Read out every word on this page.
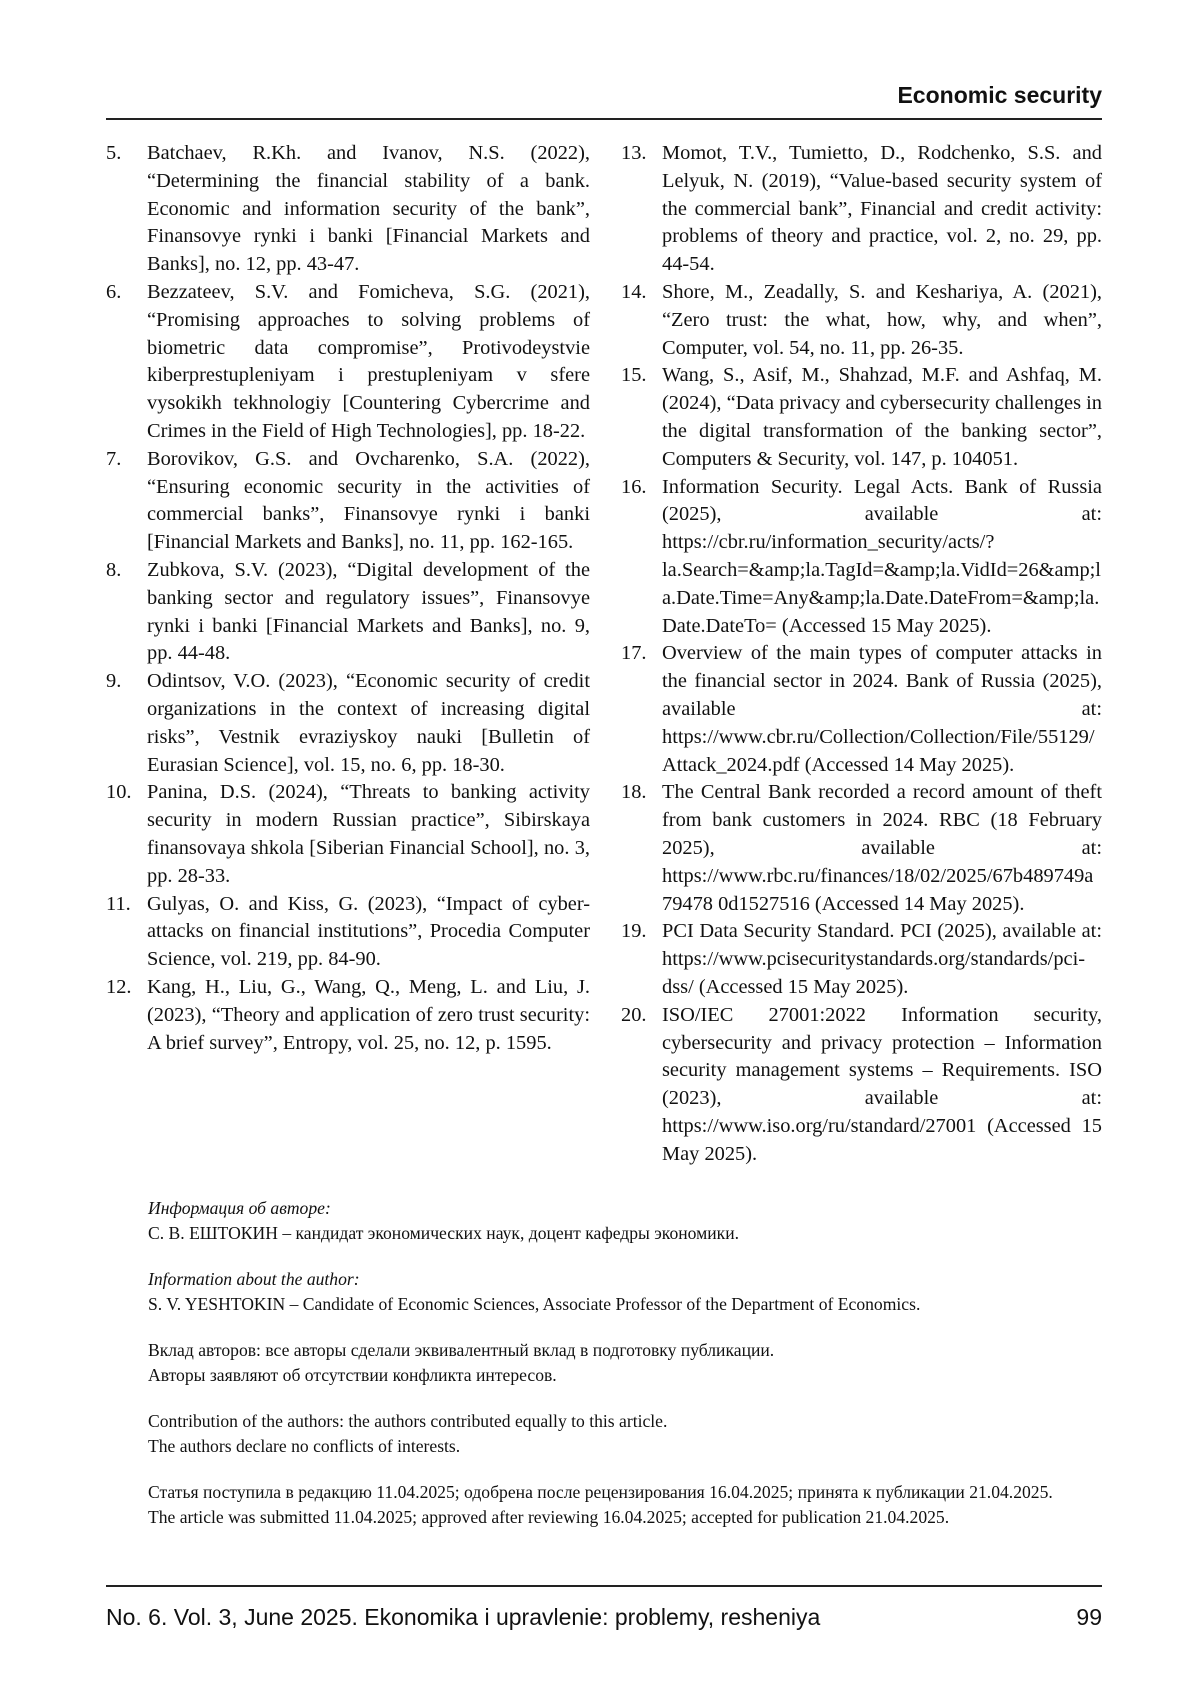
Economic security
5. Batchaev, R.Kh. and Ivanov, N.S. (2022), “Determining the financial stability of a bank. Economic and information security of the bank”, Finansovye rynki i banki [Financial Markets and Banks], no. 12, pp. 43-47.
6. Bezzateev, S.V. and Fomicheva, S.G. (2021), “Promising approaches to solving problems of biometric data compromise”, Protivodeystvie kiberprestupleniyam i prestupleniyam v sfere vysokikh tekhnologiy [Countering Cybercrime and Crimes in the Field of High Technologies], pp. 18-22.
7. Borovikov, G.S. and Ovcharenko, S.A. (2022), “Ensuring economic security in the activities of commercial banks”, Finansovye rynki i banki [Financial Markets and Banks], no. 11, pp. 162-165.
8. Zubkova, S.V. (2023), “Digital development of the banking sector and regulatory issues”, Finansovye rynki i banki [Financial Markets and Banks], no. 9, pp. 44-48.
9. Odintsov, V.O. (2023), “Economic security of credit organizations in the context of increasing digital risks”, Vestnik evraziyskoy nauki [Bulletin of Eurasian Science], vol. 15, no. 6, pp. 18-30.
10. Panina, D.S. (2024), “Threats to banking activity security in modern Russian practice”, Sibirskaya finansovaya shkola [Siberian Financial School], no. 3, pp. 28-33.
11. Gulyas, O. and Kiss, G. (2023), “Impact of cyber-attacks on financial institutions”, Procedia Computer Science, vol. 219, pp. 84-90.
12. Kang, H., Liu, G., Wang, Q., Meng, L. and Liu, J. (2023), “Theory and application of zero trust security: A brief survey”, Entropy, vol. 25, no. 12, p. 1595.
13. Momot, T.V., Tumietto, D., Rodchenko, S.S. and Lelyuk, N. (2019), “Value-based security system of the commercial bank”, Financial and credit activity: problems of theory and practice, vol. 2, no. 29, pp. 44-54.
14. Shore, M., Zeadally, S. and Keshariya, A. (2021), “Zero trust: the what, how, why, and when”, Computer, vol. 54, no. 11, pp. 26-35.
15. Wang, S., Asif, M., Shahzad, M.F. and Ashfaq, M. (2024), “Data privacy and cybersecurity challenges in the digital transformation of the banking sector”, Computers & Security, vol. 147, p. 104051.
16. Information Security. Legal Acts. Bank of Russia (2025), available at: https://cbr.ru/information_security/acts/?la.Search=&amp;la.TagId=&amp;la.VidId=26&amp;la.Date.Time=Any&amp;la.Date.DateFrom=&amp;la.Date.DateTo= (Accessed 15 May 2025).
17. Overview of the main types of computer attacks in the financial sector in 2024. Bank of Russia (2025), available at: https://www.cbr.ru/Collection/Collection/File/55129/Attack_2024.pdf (Accessed 14 May 2025).
18. The Central Bank recorded a record amount of theft from bank customers in 2024. RBC (18 February 2025), available at: https://www.rbc.ru/finances/18/02/2025/67b489749a79478 0d1527516 (Accessed 14 May 2025).
19. PCI Data Security Standard. PCI (2025), available at: https://www.pcisecuritystandards.org/standards/pci-dss/ (Accessed 15 May 2025).
20. ISO/IEC 27001:2022 Information security, cybersecurity and privacy protection – Information security management systems – Requirements. ISO (2023), available at: https://www.iso.org/ru/standard/27001 (Accessed 15 May 2025).

Информация об авторе:

С. В. ЕШТОКИН – кандидат экономических наук, доцент кафедры экономики.

Information about the author:

S. V. YESHTOKIN – Candidate of Economic Sciences, Associate Professor of the Department of Economics.

Вклад авторов: все авторы сделали эквивалентный вклад в подготовку публикации.

Авторы заявляют об отсутствии конфликта интересов.

Contribution of the authors: the authors contributed equally to this article.

The authors declare no conflicts of interests.

Статья поступила в редакцию 11.04.2025; одобрена после рецензирования 16.04.2025; принята к публикации 21.04.2025.

The article was submitted 11.04.2025; approved after reviewing 16.04.2025; accepted for publication 21.04.2025.

No. 6. Vol. 3, June 2025. Ekonomika i upravlenie: problemy, resheniya	99
